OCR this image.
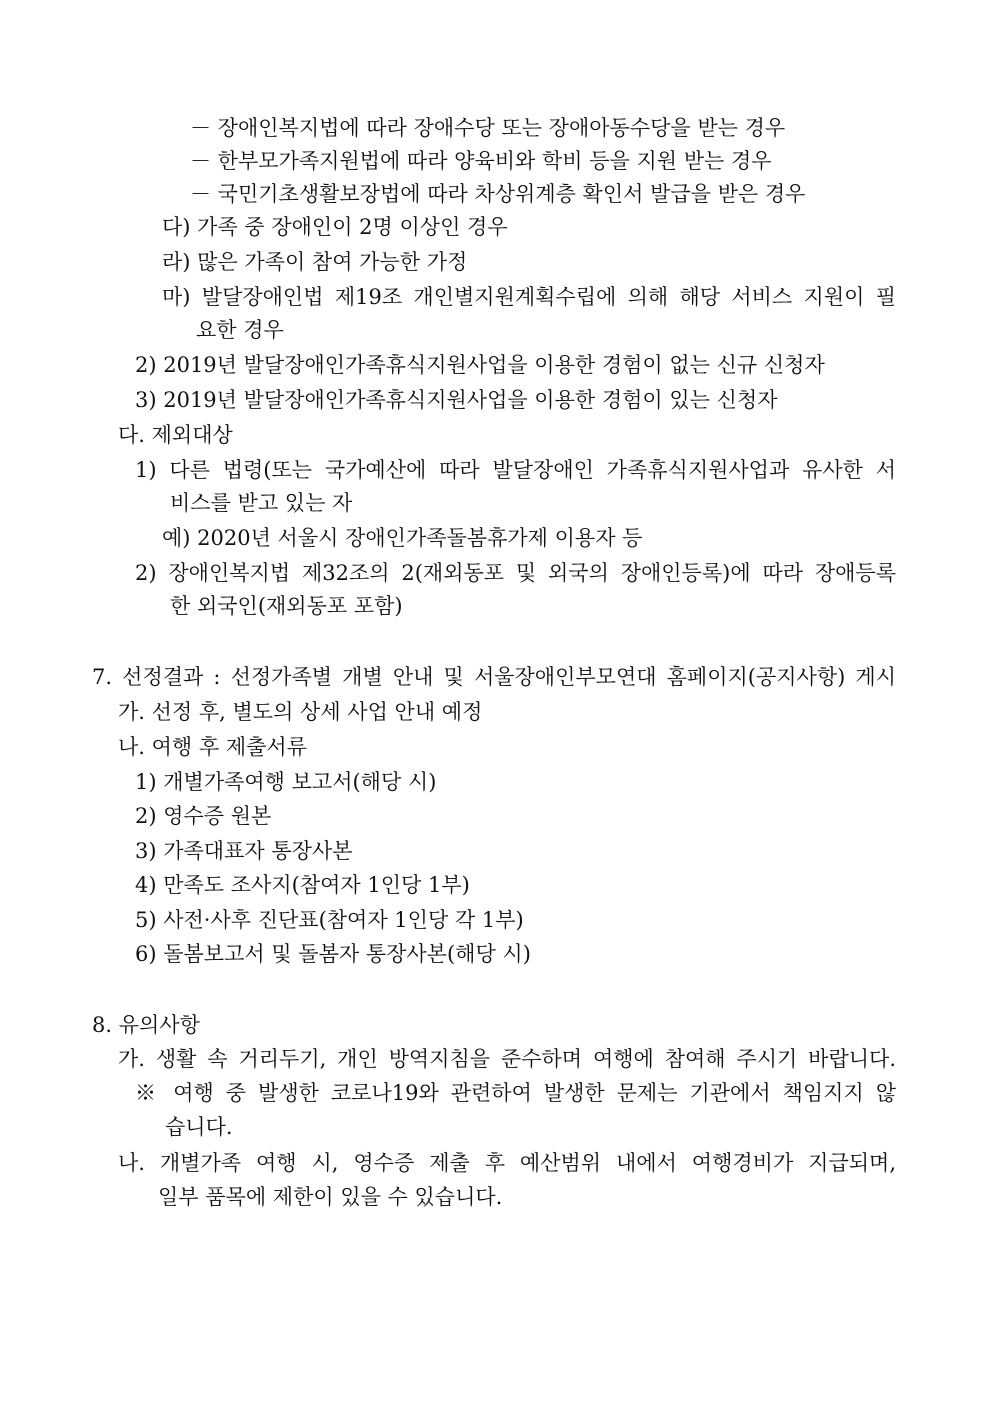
－ 장애인복지법에 따라 장애수당 또는 장애아동수당을 받는 경우
－ 한부모가족지원법에 따라 양육비와 학비 등을 지원 받는 경우
－ 국민기초생활보장법에 따라 차상위계층 확인서 발급을 받은 경우
다) 가족 중 장애인이 2명 이상인 경우
라) 많은 가족이 참여 가능한 가정
마) 발달장애인법 제19조 개인별지원계획수립에 의해 해당 서비스 지원이 필
요한 경우
2) 2019년 발달장애인가족휴식지원사업을 이용한 경험이 없는 신규 신청자
3) 2019년 발달장애인가족휴식지원사업을 이용한 경험이 있는 신청자
다. 제외대상
1) 다른 법령(또는 국가예산에 따라 발달장애인 가족휴식지원사업과 유사한 서
비스를 받고 있는 자
예) 2020년 서울시 장애인가족돌봄휴가제 이용자 등
2) 장애인복지법 제32조의 2(재외동포 및 외국의 장애인등록)에 따라 장애등록
한 외국인(재외동포 포함)
7. 선정결과 : 선정가족별 개별 안내 및 서울장애인부모연대 홈페이지(공지사항) 게시
가. 선정 후, 별도의 상세 사업 안내 예정
나. 여행 후 제출서류
1) 개별가족여행 보고서(해당 시)
2) 영수증 원본
3) 가족대표자 통장사본
4) 만족도 조사지(참여자 1인당 1부)
5) 사전·사후 진단표(참여자 1인당 각 1부)
6) 돌봄보고서 및 돌봄자 통장사본(해당 시)
8. 유의사항
가. 생활 속 거리두기, 개인 방역지침을 준수하며 여행에 참여해 주시기 바랍니다.
※ 여행 중 발생한 코로나19와 관련하여 발생한 문제는 기관에서 책임지지 않
습니다.
나. 개별가족 여행 시, 영수증 제출 후 예산범위 내에서 여행경비가 지급되며,
일부 품목에 제한이 있을 수 있습니다.
